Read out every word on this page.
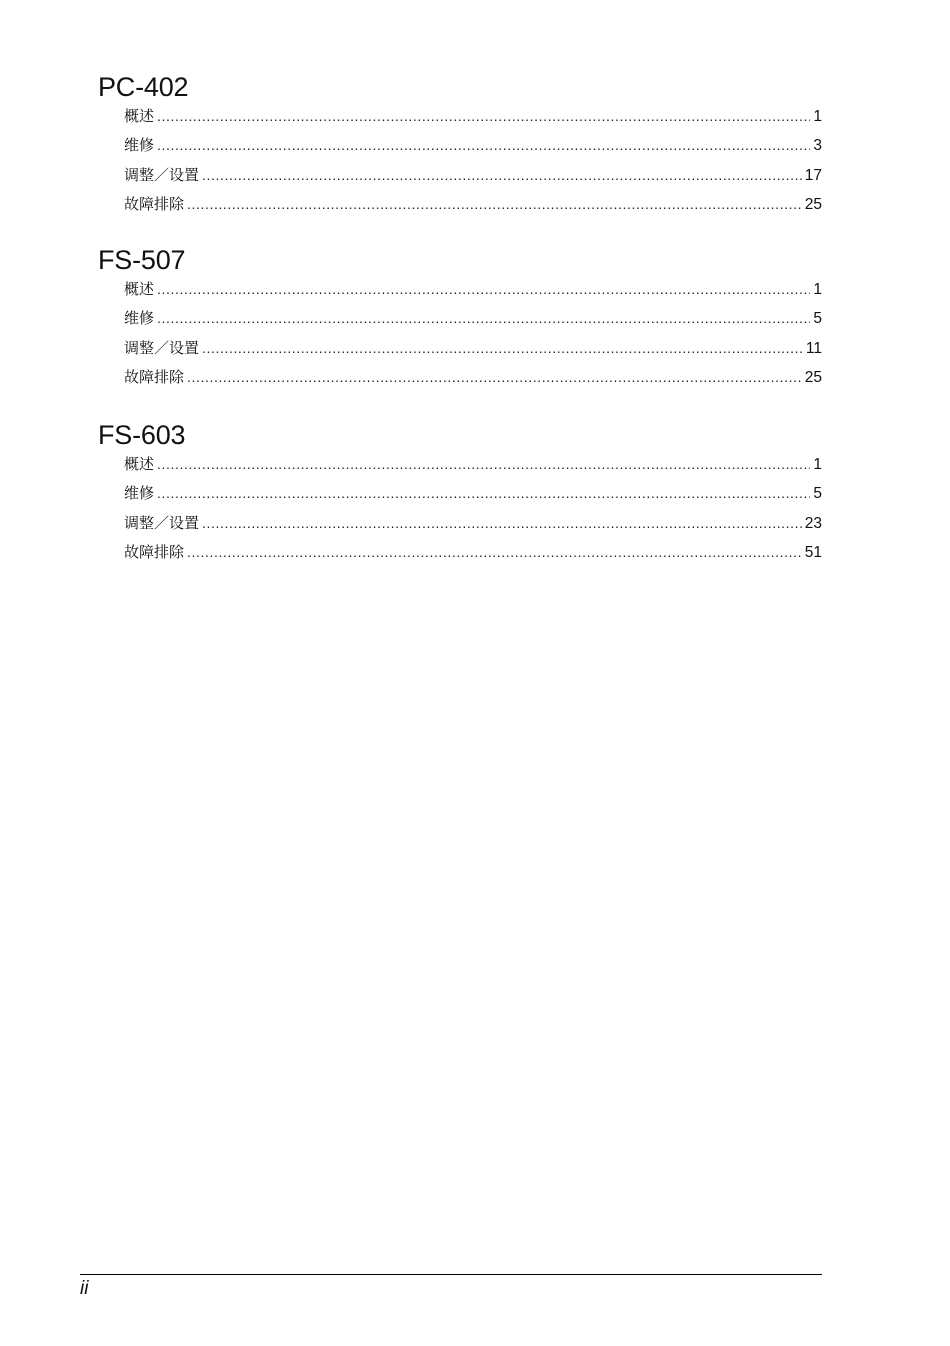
PC-402
概述 .....	1
维修 .....	3
调整／设置 .....	17
故障排除 .....	25
FS-507
概述 .....	1
维修 .....	5
调整／设置 .....	11
故障排除 .....	25
FS-603
概述 .....	1
维修 .....	5
调整／设置 .....	23
故障排除 .....	51
ii
